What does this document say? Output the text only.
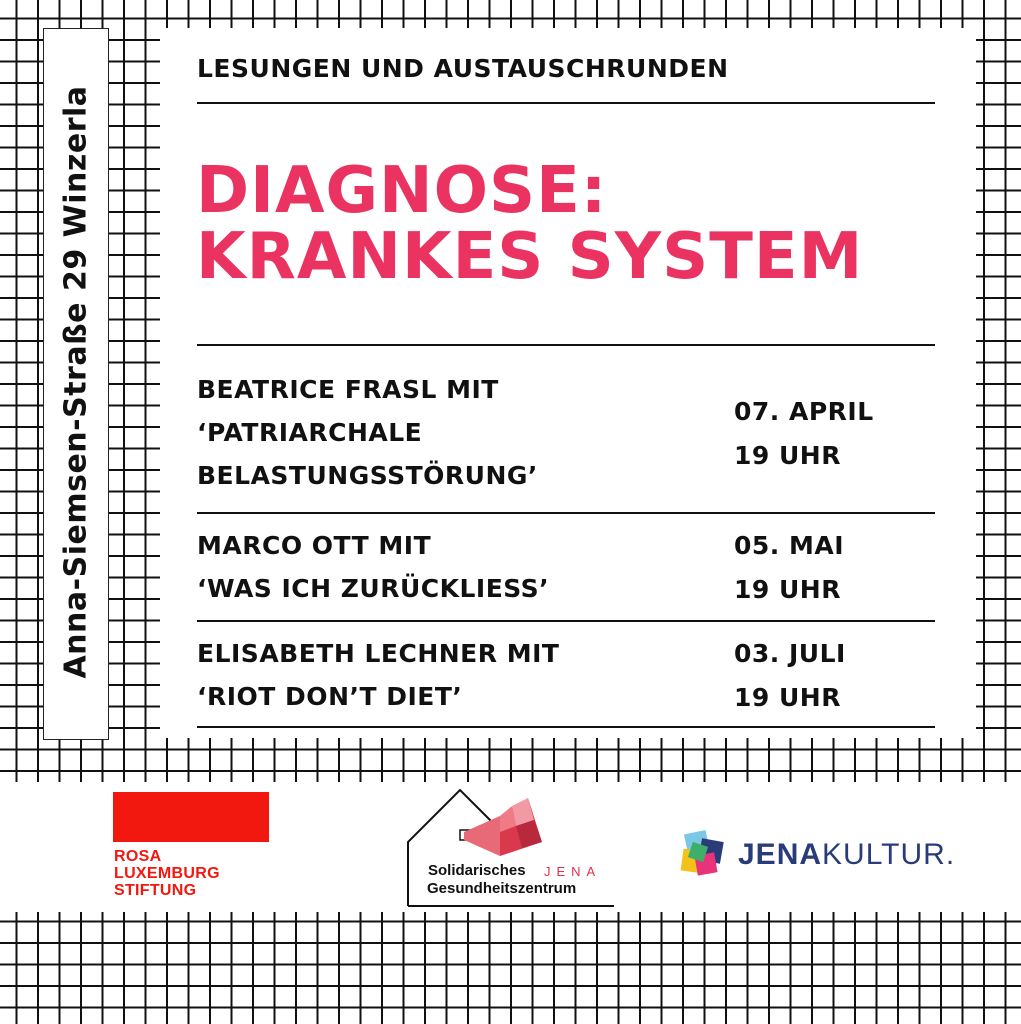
Anna-Siemsen-Straße 29 Winzerla
LESUNGEN UND AUSTAUSCHRUNDEN
DIAGNOSE:
KRANKES SYSTEM
BEATRICE FRASL MIT
‘PATRIARCHALE
BELASTUNGSSTÖRUNG’
07. APRIL
19 UHR
MARCO OTT MIT
‘WAS ICH ZURÜCKLIESS’
05. MAI
19 UHR
ELISABETH LECHNER MIT
‘RIOT DON’T DIET’
03. JULI
19 UHR
ROSA
LUXEMBURG
STIFTUNG
Solidarisches JENA
Gesundheitszentrum
JENAKULTUR.
